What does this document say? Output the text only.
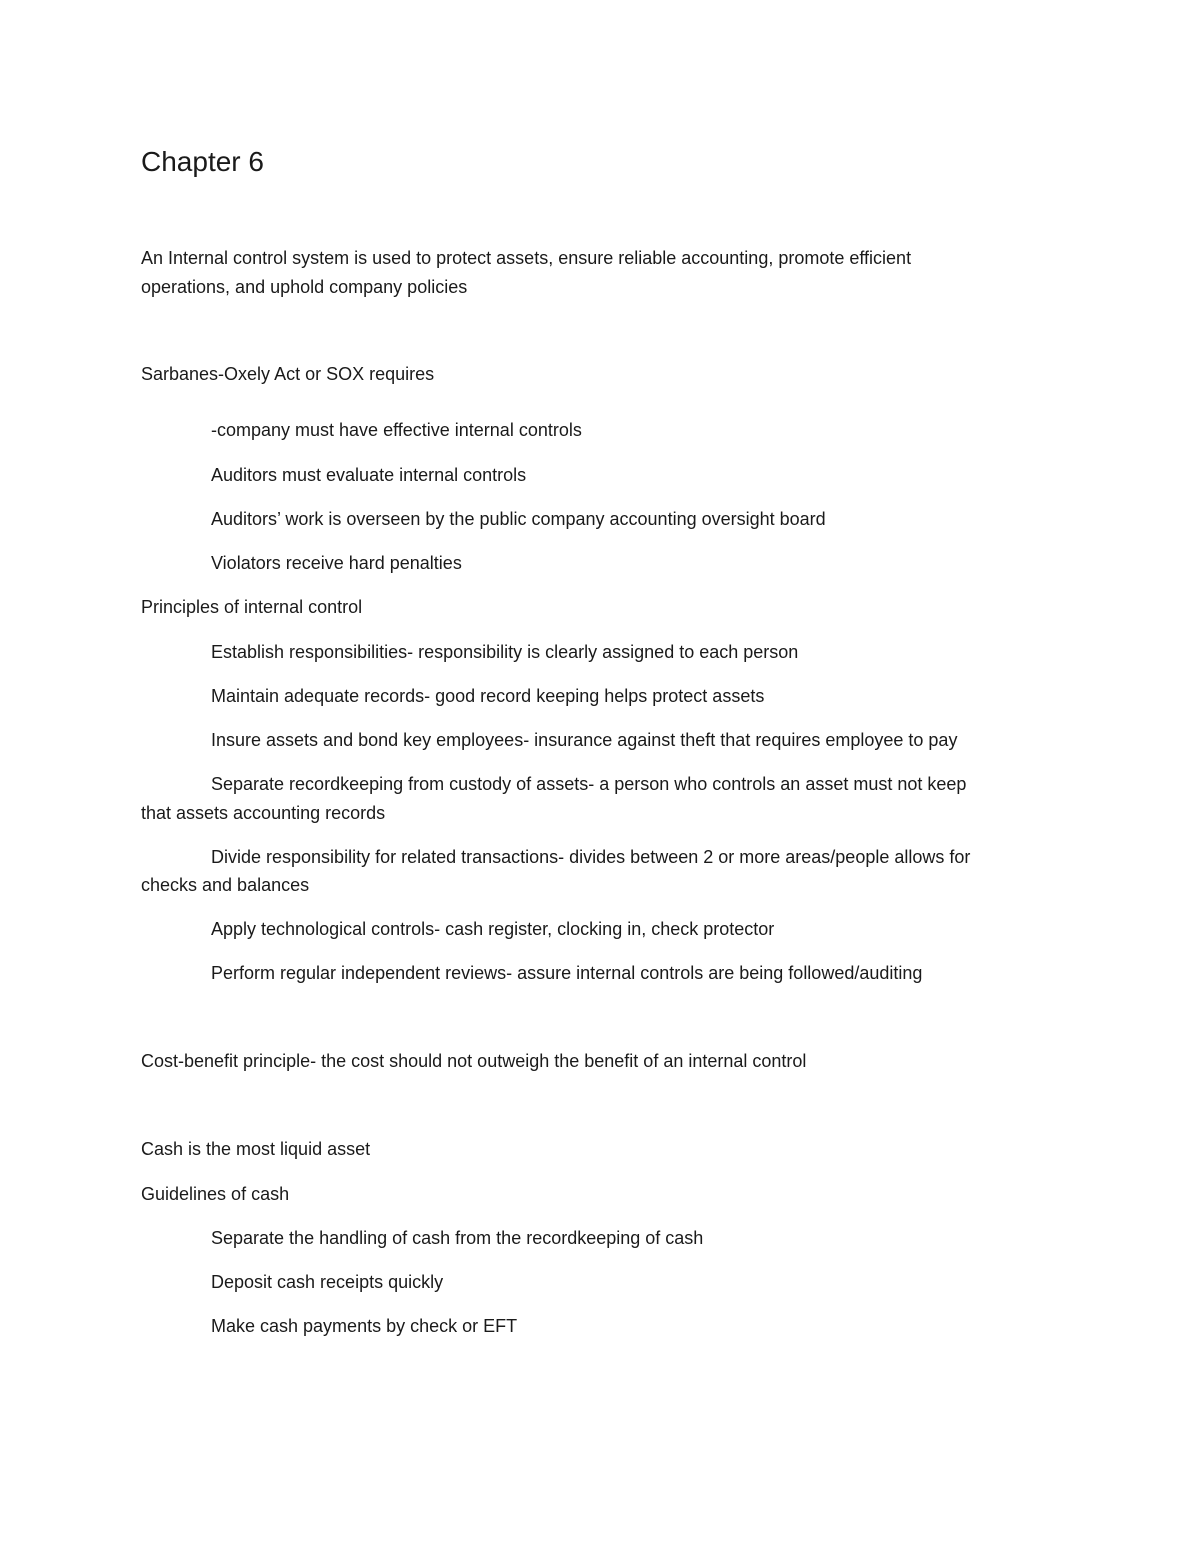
Chapter 6
An Internal control system is used to protect assets, ensure reliable accounting, promote efficient
operations, and uphold company policies
Sarbanes-Oxely Act or SOX requires
-company must have effective internal controls
Auditors must evaluate internal controls
Auditors’ work is overseen by the public company accounting oversight board
Violators receive hard penalties
Principles of internal control
Establish responsibilities- responsibility is clearly assigned to each person
Maintain adequate records- good record keeping helps protect assets
Insure assets and bond key employees- insurance against theft that requires employee to pay
Separate recordkeeping from custody of assets- a person who controls an asset must not keep
that assets accounting records
Divide responsibility for related transactions- divides between 2 or more areas/people allows for
checks and balances
Apply technological controls- cash register, clocking in, check protector
Perform regular independent reviews- assure internal controls are being followed/auditing
Cost-benefit principle- the cost should not outweigh the benefit of an internal control
Cash is the most liquid asset
Guidelines of cash
Separate the handling of cash from the recordkeeping of cash
Deposit cash receipts quickly
Make cash payments by check or EFT
